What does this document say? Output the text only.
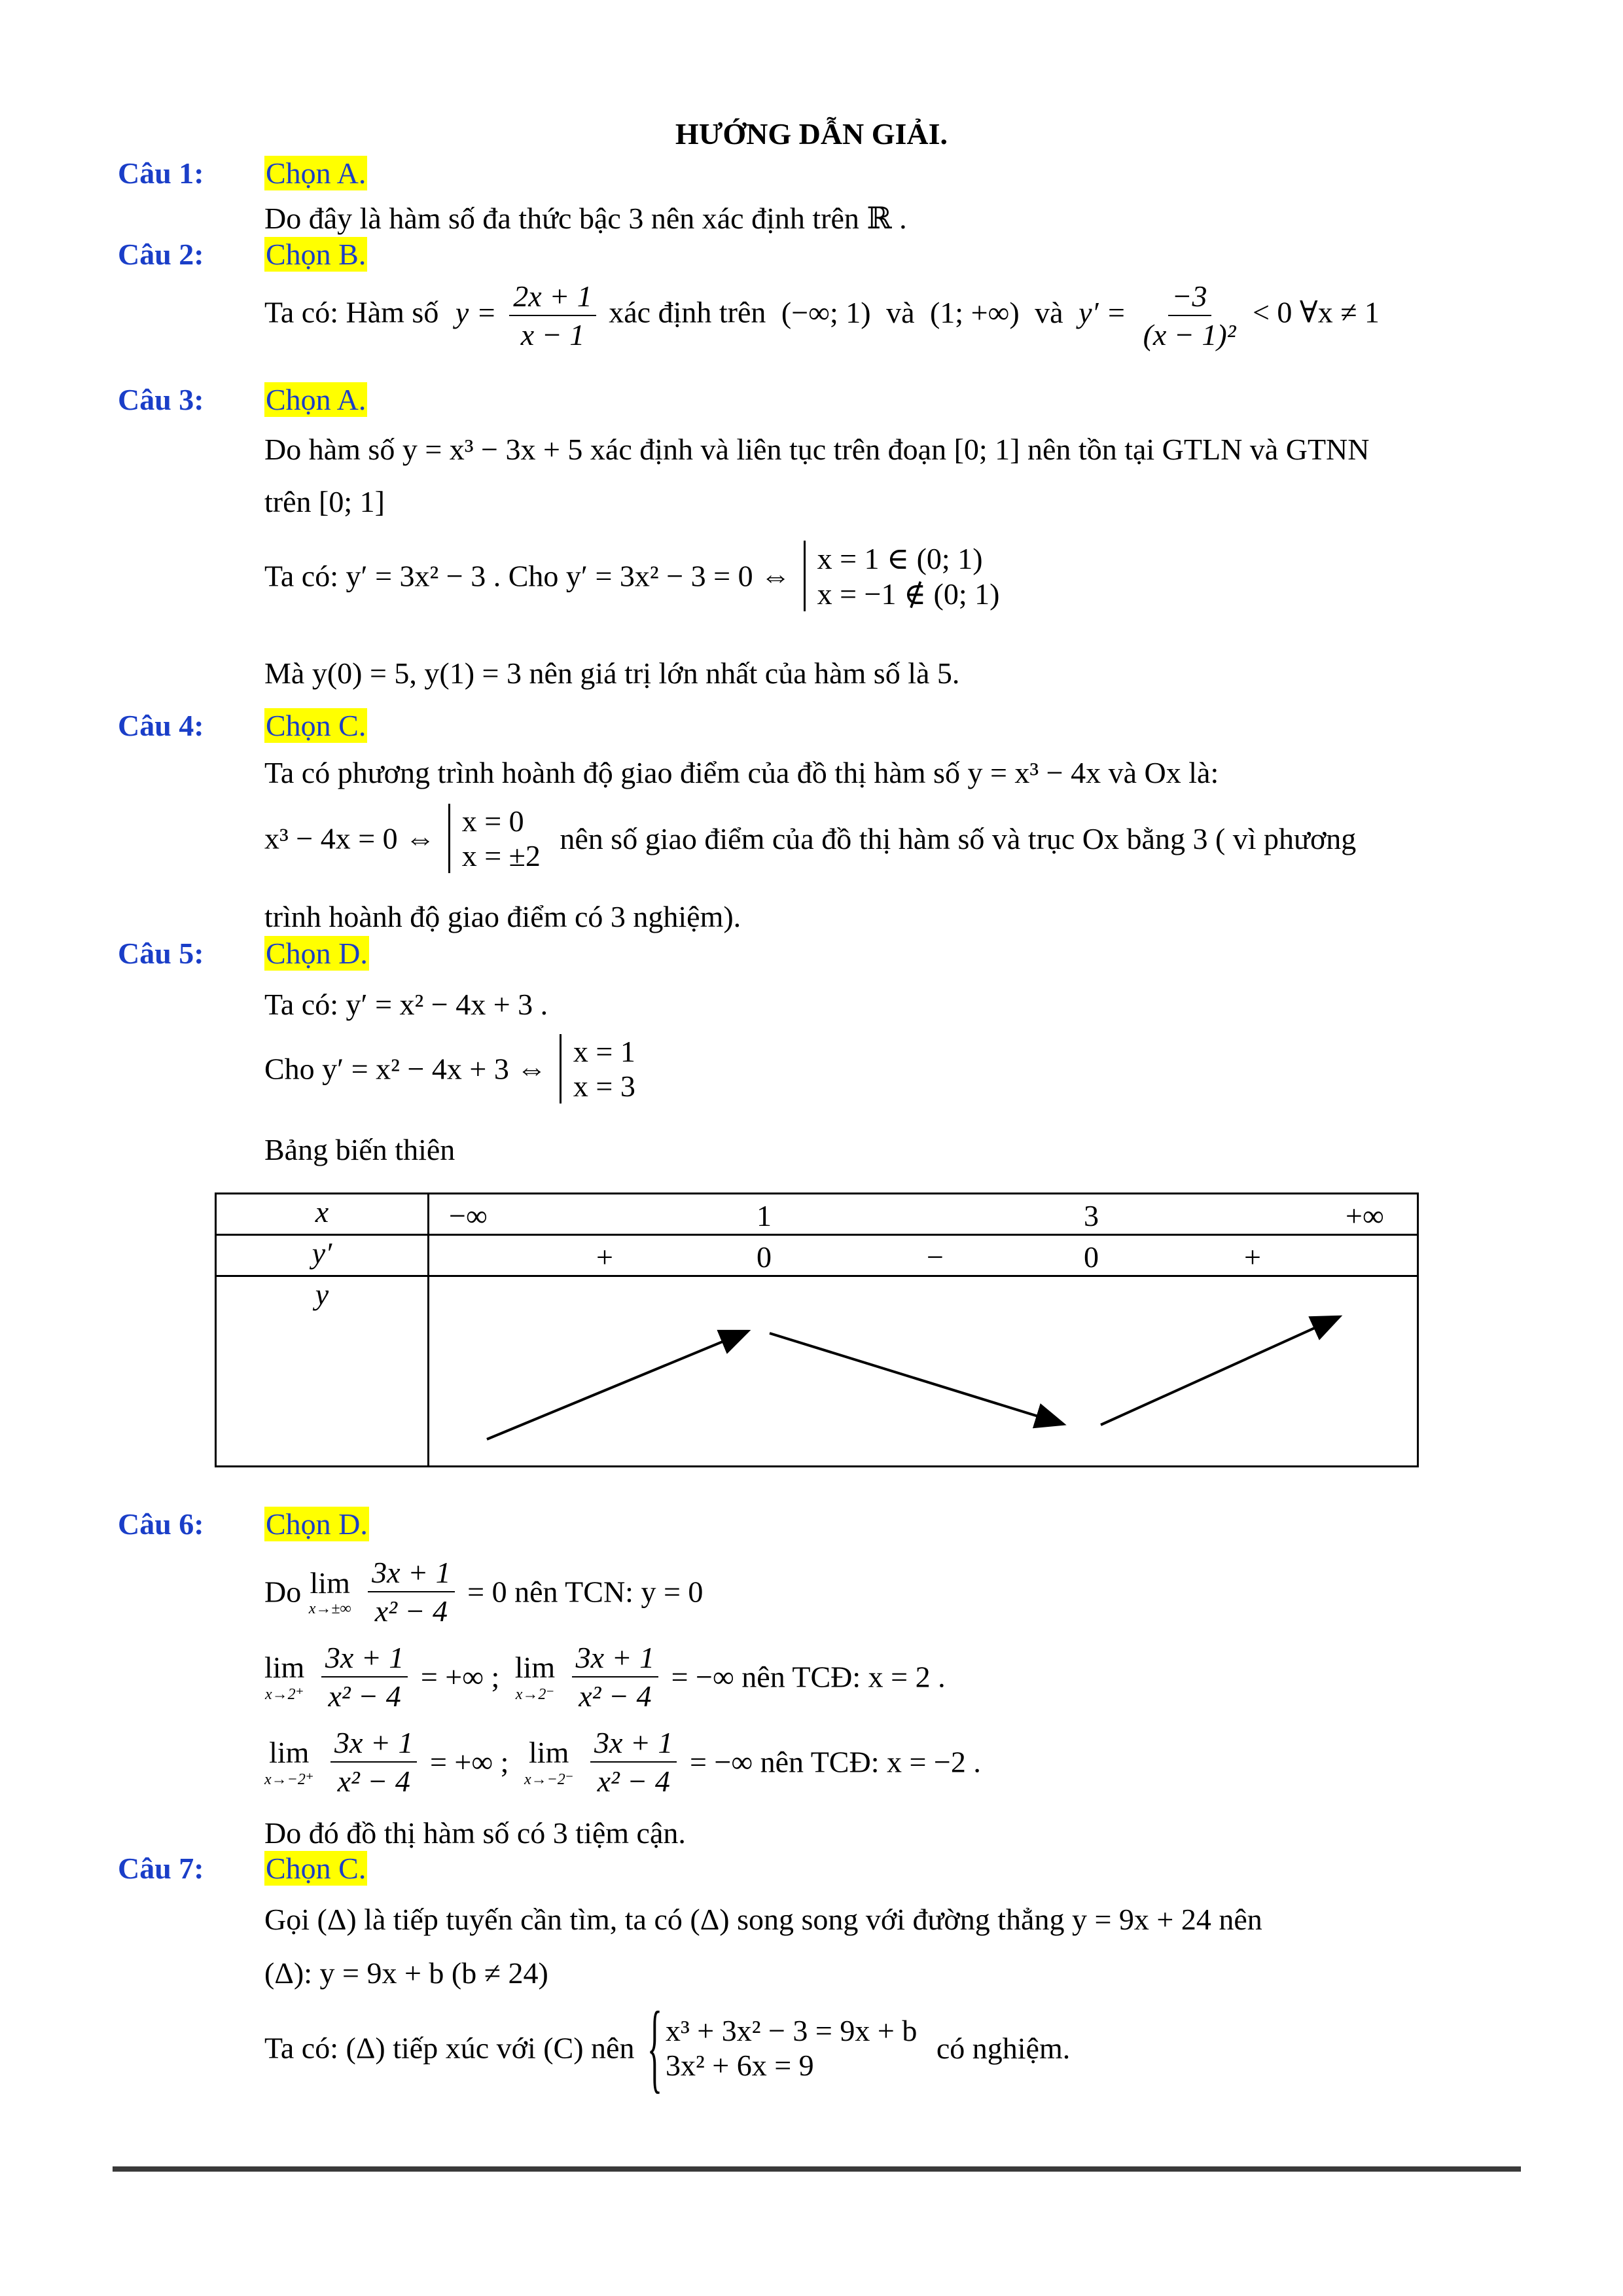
HƯỚNG DẪN GIẢI.
Câu 1: Chọn A.
Do đây là hàm số đa thức bậc 3 nên xác định trên ℝ .
Câu 2: Chọn B.
Ta có: Hàm số $y = \frac{2x + 1}{x - 1}$ xác định trên (−∞; 1) và (1; +∞) và $y' = \frac{-3}{\text{(x − 1)²}} < 0$ ∀x ≠ 1
Câu 3: Chọn A.
Do hàm số y = x³ − 3x + 5 xác định và liên tục trên đoạn [0; 1] nên tồn tại GTLN và GTNN
trên [0; 1]
Ta có: y′ = 3x² − 3 . Cho y′ = 3x² − 3 = 0 ⇔
x = 1 ∈ (0; 1)
x = −1 ∉ (0; 1)
Mà y(0) = 5, y(1) = 3 nên giá trị lớn nhất của hàm số là 5.
Câu 4: Chọn C.
Ta có phương trình hoành độ giao điểm của đồ thị hàm số y = x³ − 4x và Ox là:
x³ − 4x = 0 ⇔
x = 0
x = ±2
nên số giao điểm của đồ thị hàm số và trục Ox bằng 3 ( vì phương
trình hoành độ giao điểm có 3 nghiệm).
Câu 5: Chọn D.
Ta có: y′ = x² − 4x + 3 .
Cho y′ = x² − 4x + 3 ⇔
x = 1
x = 3
Bảng biến thiên
x	−∞ 1 3 +∞

y′	+ 0 − 0 +

y	
Câu 6: Chọn D.
Do lim
x→±∞
$\frac{3x + 1}{\text{x² − 4}} = 0$ nên TCN: y = 0
lim
x→2⁺
$\frac{3x + 1}{\text{x² − 4}}$ = +∞ ; lim
x→2⁻
$\frac{3x + 1}{\text{x² − 4}}$ = −∞ nên TCĐ: x = 2 .
lim
x→−2⁺
$\frac{3x + 1}{\text{x² − 4}}$ = +∞ ; lim
x→−2⁻
$\frac{3x + 1}{\text{x² − 4}}$ = −∞ nên TCĐ: x = −2 .
Do đó đồ thị hàm số có 3 tiệm cận.
Câu 7: Chọn C.
Gọi (Δ) là tiếp tuyến cần tìm, ta có (Δ) song song với đường thẳng y = 9x + 24 nên
(Δ): y = 9x + b (b ≠ 24)
Ta có: (Δ) tiếp xúc với (C) nên
{ x³ + 3x² − 3 = 9x + b
3x² + 6x = 9
có nghiệm.
